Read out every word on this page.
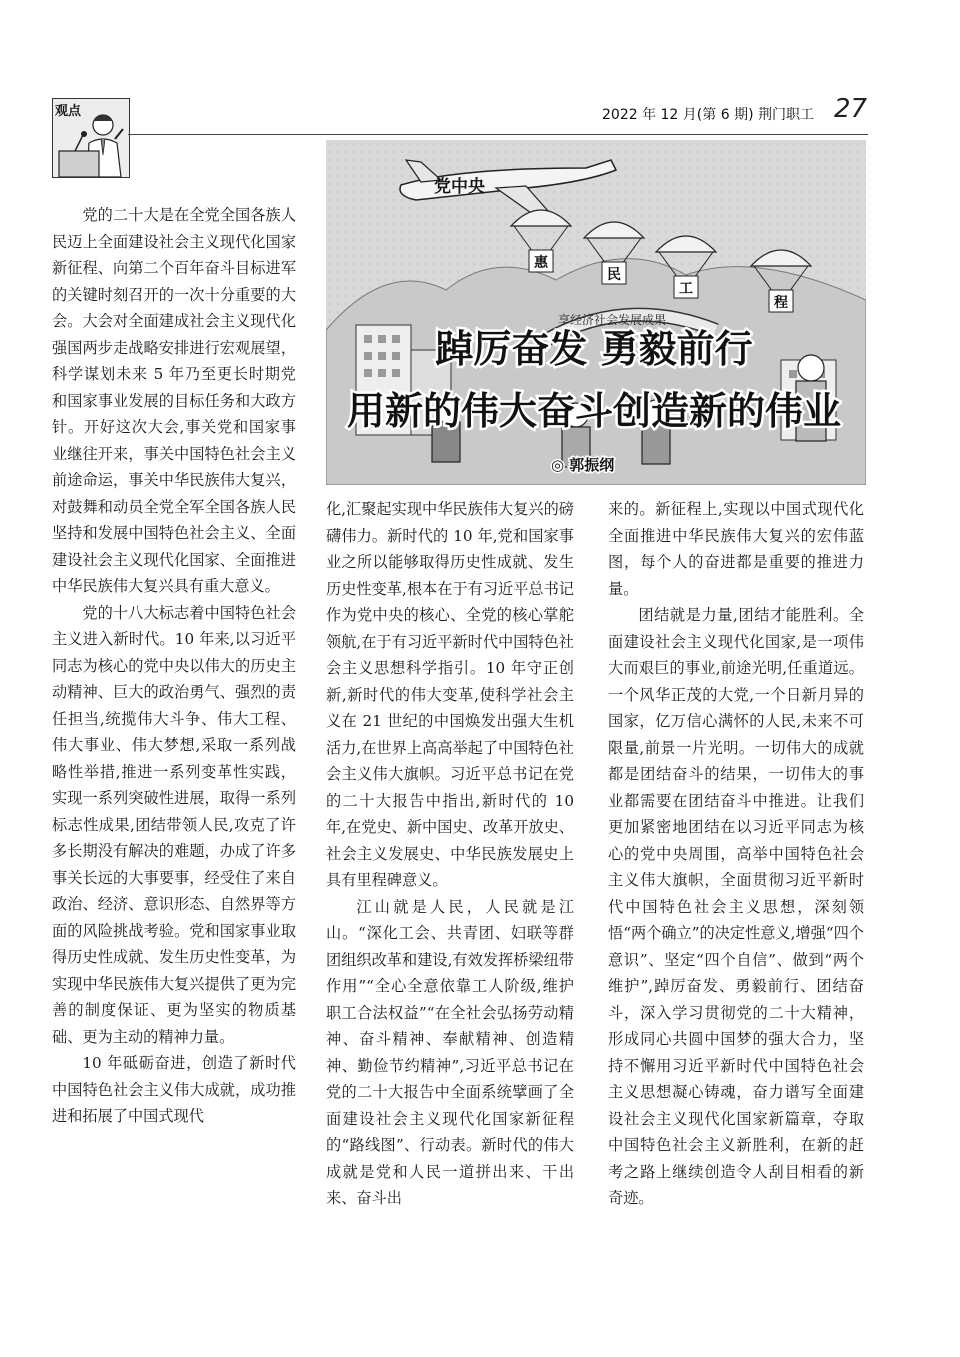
观点	2022 年 12 月(第 6 期) 荆门职工 27
党中央
惠
民
工
程
享经济社会发展成果
踔厉奋发 勇毅前行
用新的伟大奋斗创造新的伟业
◎ 郭振纲

党的二十大是在全党全国各族人民迈上全面建设社会主义现代化国家新征程、向第二个百年奋斗目标进军的关键时刻召开的一次十分重要的大会。大会对全面建成社会主义现代化强国两步走战略安排进行宏观展望，科学谋划未来 5 年乃至更长时期党和国家事业发展的目标任务和大政方针。开好这次大会,事关党和国家事业继往开来，事关中国特色社会主义前途命运，事关中华民族伟大复兴，对鼓舞和动员全党全军全国各族人民坚持和发展中国特色社会主义、全面建设社会主义现代化国家、全面推进中华民族伟大复兴具有重大意义。

党的十八大标志着中国特色社会主义进入新时代。10 年来,以习近平同志为核心的党中央以伟大的历史主动精神、巨大的政治勇气、强烈的责任担当,统揽伟大斗争、伟大工程、伟大事业、伟大梦想,采取一系列战略性举措,推进一系列变革性实践，实现一系列突破性进展，取得一系列标志性成果,团结带领人民,攻克了许多长期没有解决的难题，办成了许多事关长远的大事要事，经受住了来自政治、经济、意识形态、自然界等方面的风险挑战考验。党和国家事业取得历史性成就、发生历史性变革，为实现中华民族伟大复兴提供了更为完善的制度保证、更为坚实的物质基础、更为主动的精神力量。

10 年砥砺奋进，创造了新时代中国特色社会主义伟大成就，成功推进和拓展了中国式现代

化,汇聚起实现中华民族伟大复兴的磅礴伟力。新时代的 10 年,党和国家事业之所以能够取得历史性成就、发生历史性变革,根本在于有习近平总书记作为党中央的核心、全党的核心掌舵领航,在于有习近平新时代中国特色社会主义思想科学指引。10 年守正创新,新时代的伟大变革,使科学社会主义在 21 世纪的中国焕发出强大生机活力,在世界上高高举起了中国特色社会主义伟大旗帜。习近平总书记在党的二十大报告中指出,新时代的 10 年,在党史、新中国史、改革开放史、社会主义发展史、中华民族发展史上具有里程碑意义。

江山就是人民，人民就是江山。“深化工会、共青团、妇联等群团组织改革和建设,有效发挥桥梁纽带作用”“全心全意依靠工人阶级,维护职工合法权益”“在全社会弘扬劳动精神、奋斗精神、奉献精神、创造精神、勤俭节约精神”,习近平总书记在党的二十大报告中全面系统擘画了全面建设社会主义现代化国家新征程的“路线图”、行动表。新时代的伟大成就是党和人民一道拼出来、干出来、奋斗出

来的。新征程上,实现以中国式现代化全面推进中华民族伟大复兴的宏伟蓝图，每个人的奋进都是重要的推进力量。

团结就是力量,团结才能胜利。全面建设社会主义现代化国家,是一项伟大而艰巨的事业,前途光明,任重道远。一个风华正茂的大党,一个日新月异的国家，亿万信心满怀的人民,未来不可限量,前景一片光明。一切伟大的成就都是团结奋斗的结果，一切伟大的事业都需要在团结奋斗中推进。让我们更加紧密地团结在以习近平同志为核心的党中央周围，高举中国特色社会主义伟大旗帜，全面贯彻习近平新时代中国特色社会主义思想，深刻领悟“两个确立”的决定性意义,增强“四个意识”、坚定“四个自信”、做到“两个维护”,踔厉奋发、勇毅前行、团结奋斗，深入学习贯彻党的二十大精神，形成同心共圆中国梦的强大合力，坚持不懈用习近平新时代中国特色社会主义思想凝心铸魂，奋力谱写全面建设社会主义现代化国家新篇章，夺取中国特色社会主义新胜利，在新的赶考之路上继续创造令人刮目相看的新奇迹。
